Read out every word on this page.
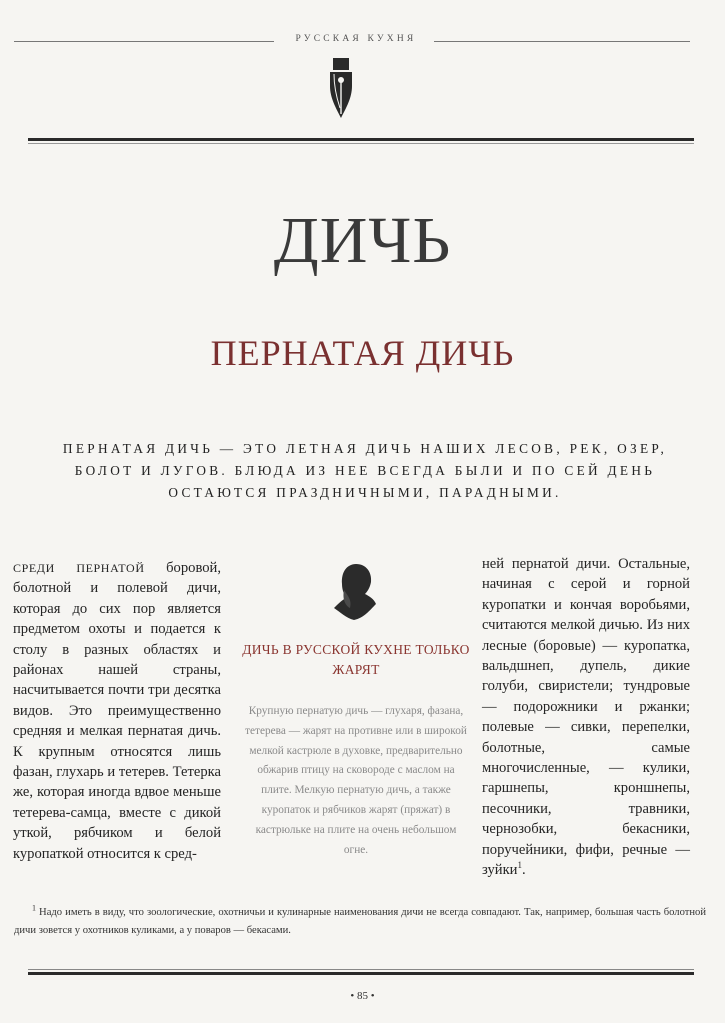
РУССКАЯ КУХНЯ
ДИЧЬ
ПЕРНАТАЯ ДИЧЬ
ПЕРНАТАЯ ДИЧЬ — ЭТО ЛЕТНАЯ ДИЧЬ НАШИХ ЛЕСОВ, РЕК, ОЗЕР, БОЛОТ И ЛУГОВ. БЛЮДА ИЗ НЕЕ ВСЕГДА БЫЛИ И ПО СЕЙ ДЕНЬ ОСТАЮТСЯ ПРАЗДНИЧНЫМИ, ПАРАДНЫМИ.

СРЕДИ ПЕРНАТОЙ боровой, болотной и полевой дичи, которая до сих пор является предметом охоты и подается к столу в разных областях и районах нашей страны, насчитывается почти три десятка видов. Это преимущественно средняя и мелкая пернатая дичь. К крупным относятся лишь фазан, глухарь и тетерев. Тетерка же, которая иногда вдвое меньше тетерева-самца, вместе с дикой уткой, рябчиком и белой куропаткой относится к сред-

ДИЧЬ В РУССКОЙ КУХНЕ ТОЛЬКО ЖАРЯТ
Крупную пернатую дичь — глухаря, фазана, тетерева — жарят на противне или в широкой мелкой кастрюле в духовке, предварительно обжарив птицу на сковороде с маслом на плите. Мелкую пернатую дичь, а также куропаток и рябчиков жарят (пряжат) в кастрюльке на плите на очень небольшом огне.

ней пернатой дичи. Остальные, начиная с серой и горной куропатки и кончая воробьями, считаются мелкой дичью. Из них лесные (боровые) — куропатка, вальдшнеп, дупель, дикие голуби, свиристели; тундровые — подорожники и ржанки; полевые — сивки, перепелки, болотные, самые многочисленные, — кулики, гаршнепы, кроншнепы, песочники, травники, чернозобки, бекасники, поручейники, фифи, речные — зуйки$^1$.

$^1$ Надо иметь в виду, что зоологические, охотничьи и кулинарные наименования дичи не всегда совпадают. Так, например, большая часть болотной дичи зовется у охотников куликами, а у поваров — бекасами.
• 85 •
